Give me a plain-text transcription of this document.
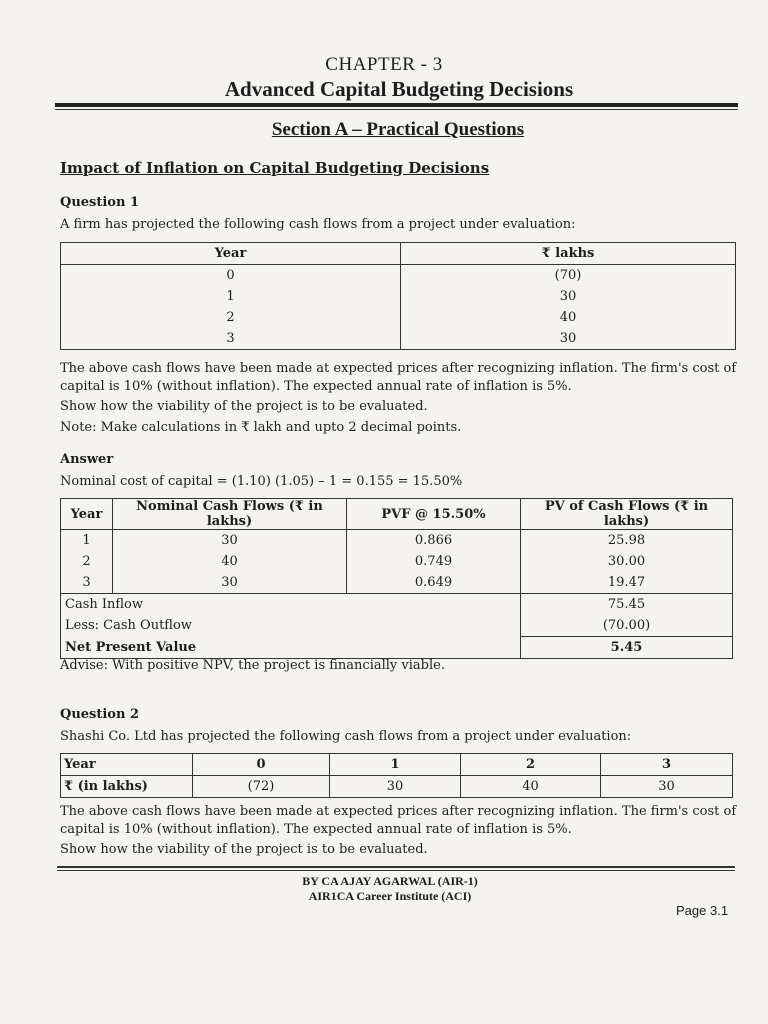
CHAPTER - 3
Advanced Capital Budgeting Decisions
Section A – Practical Questions
Impact of Inflation on Capital Budgeting Decisions
Question 1
A firm has projected the following cash flows from a project under evaluation:
Year	₹ lakhs
0	(70)
1	30
2	40
3	30
The above cash flows have been made at expected prices after recognizing inflation. The firm's cost of capital is 10% (without inflation). The expected annual rate of inflation is 5%.
Show how the viability of the project is to be evaluated.
Note: Make calculations in ₹ lakh and upto 2 decimal points.
Answer
Nominal cost of capital = (1.10) (1.05) – 1 = 0.155 = 15.50%
Year	Nominal Cash Flows (₹ in lakhs)	PVF @ 15.50%	PV of Cash Flows (₹ in lakhs)
1	30	0.866	25.98
2	40	0.749	30.00
3	30	0.649	19.47
Cash Inflow			75.45
Less: Cash Outflow			(70.00)
Net Present Value			5.45
Advise: With positive NPV, the project is financially viable.
Question 2
Shashi Co. Ltd has projected the following cash flows from a project under evaluation:
Year	0	1	2	3
₹ (in lakhs)	(72)	30	40	30
The above cash flows have been made at expected prices after recognizing inflation. The firm's cost of capital is 10% (without inflation). The expected annual rate of inflation is 5%.
Show how the viability of the project is to be evaluated.
BY CA AJAY AGARWAL (AIR-1)
AIR1CA Career Institute (ACI)
Page 3.1
